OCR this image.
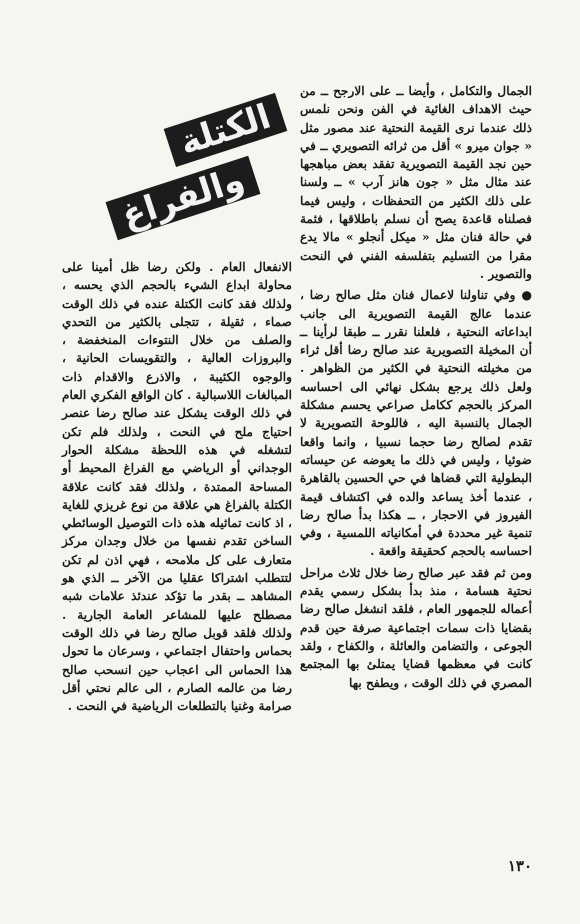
الكتلة
والفراغ

الجمال والتكامل ، وأيضا ــ على الارجح ــ من حيث الاهداف الغائية في الفن ونحن نلمس ذلك عندما نرى القيمة النحتية عند مصور مثل « جوان ميرو » أقل من ثرائه التصويري ــ في حين نجد القيمة التصويرية تفقد بعض مباهجها عند مثال مثل « جون هانز آرب » ــ ولسنا على ذلك الكثير من التحفظات ، وليس فيما فصلناه قاعدة يصح أن نسلم باطلاقها ، فثمة في حالة فنان مثل « ميكل أنجلو » مالا يدع مقرا من التسليم بتفلسفه الفني في النحت والتصوير .

● وفي تناولنا لاعمال فنان مثل صالح رضا ، عندما عالج القيمة التصويرية الى جانب ابداعاته النحتية ، فلعلنا نقرر ــ طبقا لرأينا ــ أن المخيلة التصويرية عند صالح رضا أقل ثراء من مخيلته النحتية في الكثير من الظواهر . ولعل ذلك يرجع بشكل نهائي الى احساسه المركز بالحجم ككامل صراعي يحسم مشكلة الجمال بالنسبة اليه ، فاللوحة التصويرية لا تقدم لصالح رضا حجما نسبيا ، وانما واقعا ضوئيا ، وليس في ذلك ما يعوضه عن حيساته البطولية التي قضاها في حي الحسين بالقاهرة ، عندما أخذ يساعد والده في اكتشاف قيمة الفيروز في الاحجار ، ــ هكذا بدأ صالح رضا تنمية غير محددة في أمكانياته اللمسية ، وفي احساسه بالحجم كحقيقة واقعة .

ومن ثم فقد عبر صالح رضا خلال ثلاث مراحل نحتية هسامة ، منذ بدأ بشكل رسمي يقدم أعماله للجمهور العام ، فلقد انشغل صالح رضا بقضايا ذات سمات اجتماعية صرفة حين قدم الجوعى ، والتضامن والعائلة ، والكفاح ، ولقد كانت في معظمها قضايا يمتلئ بها المجتمع المصري في ذلك الوقت ، ويطفح بها

الانفعال العام . ولكن رضا ظل أمينا على محاولة ابداع الشيء بالحجم الذي يحسه ، ولذلك فقد كانت الكتلة عنده في ذلك الوقت صماء ، ثقيلة ، تتجلى بالكثير من التحدي والصلف من خلال النتوءات المنخفضة ، والبروزات العالية ، والتقويسات الحانية ، والوجوه الكئيبة ، والاذرع والاقدام ذات المبالغات اللاسبالية . كان الواقع الفكري العام في ذلك الوقت يشكل عند صالح رضا عنصر احتياج ملح في النحت ، ولذلك فلم تكن لتشغله في هذه اللحظة مشكلة الحوار الوجداني أو الرياضي مع الفراغ المحيط أو المساحة الممتدة ، ولذلك فقد كانت علاقة الكتلة بالفراغ هي علاقة من نوع غريزي للغاية ، اذ كانت تماثيله هذه ذات التوصيل الوسائطي الساخن تقدم نفسها من خلال وجدان مركز متعارف على كل ملامحه ، فهي اذن لم تكن لتتطلب اشتراكا عقليا من الآخر ــ الذي هو المشاهد ــ بقدر ما تؤكد عندئذ علامات شبه مصطلح عليها للمشاعر العامة الجارية . ولذلك فلقد قوبل صالح رضا في ذلك الوقت بحماس واحتفال اجتماعي ، وسرعان ما تحول هذا الحماس الى اعجاب حين انسحب صالح رضا من عالمه الصارم ، الى عالم نحتي أقل صرامة وغنيا بالتطلعات الرياضية في النحت .

١٣٠
